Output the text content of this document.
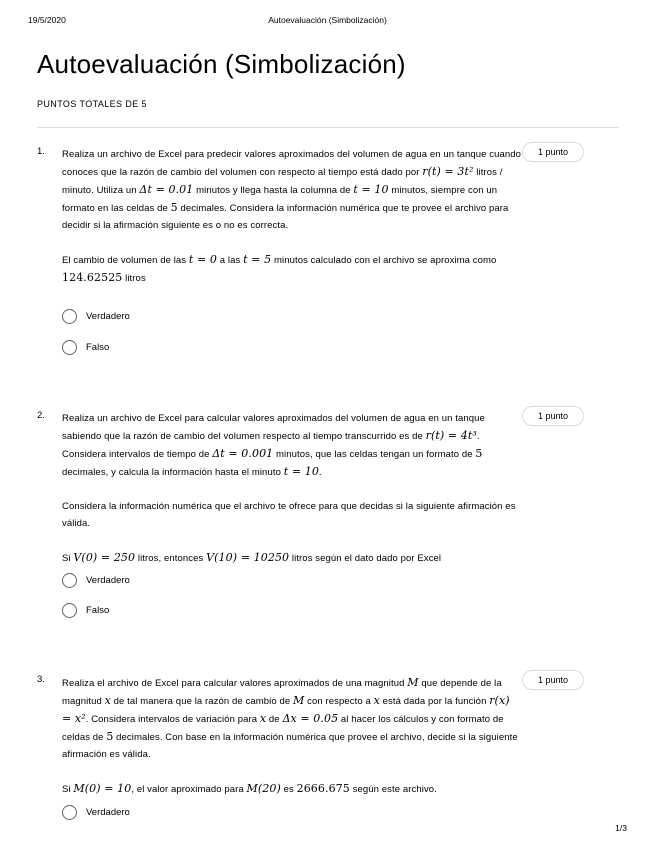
19/5/2020	Autoevaluación (Simbolización)
Autoevaluación (Simbolización)
PUNTOS TOTALES DE 5
1. Realiza un archivo de Excel para predecir valores aproximados del volumen de agua en un tanque cuando conoces que la razón de cambio del volumen con respecto al tiempo está dado por r(t) = 3t² litros / minuto. Utiliza un Δt = 0.01 minutos y llega hasta la columna de t = 10 minutos, siempre con un formato en las celdas de 5 decimales. Considera la información numérica que te provee el archivo para decidir si la afirmación siguiente es o no es correcta.

El cambio de volumen de las t = 0 a las t = 5 minutos calculado con el archivo se aproxima como 124.62525 litros

1 punto
Verdadero
Falso
2. Realiza un archivo de Excel para calcular valores aproximados del volumen de agua en un tanque sabiendo que la razón de cambio del volumen respecto al tiempo transcurrido es de r(t) = 4t³. Considera intervalos de tiempo de Δt = 0.001 minutos, que las celdas tengan un formato de 5 decimales, y calcula la información hasta el minuto t = 10.

Considera la información numérica que el archivo te ofrece para que decidas si la siguiente afirmación es válida.

Si V(0) = 250 litros, entonces V(10) = 10250 litros según el dato dado por Excel

1 punto
Verdadero
Falso
3. Realiza el archivo de Excel para calcular valores aproximados de una magnitud M que depende de la magnitud x de tal manera que la razón de cambio de M con respecto a x está dada por la función r(x) = x². Considera intervalos de variación para x de Δx = 0.05 al hacer los cálculos y con formato de celdas de 5 decimales. Con base en la información numérica que provee el archivo, decide si la siguiente afirmación es válida.

Si M(0) = 10, el valor aproximado para M(20) es 2666.675 según este archivo.

1 punto
Verdadero
1/3
